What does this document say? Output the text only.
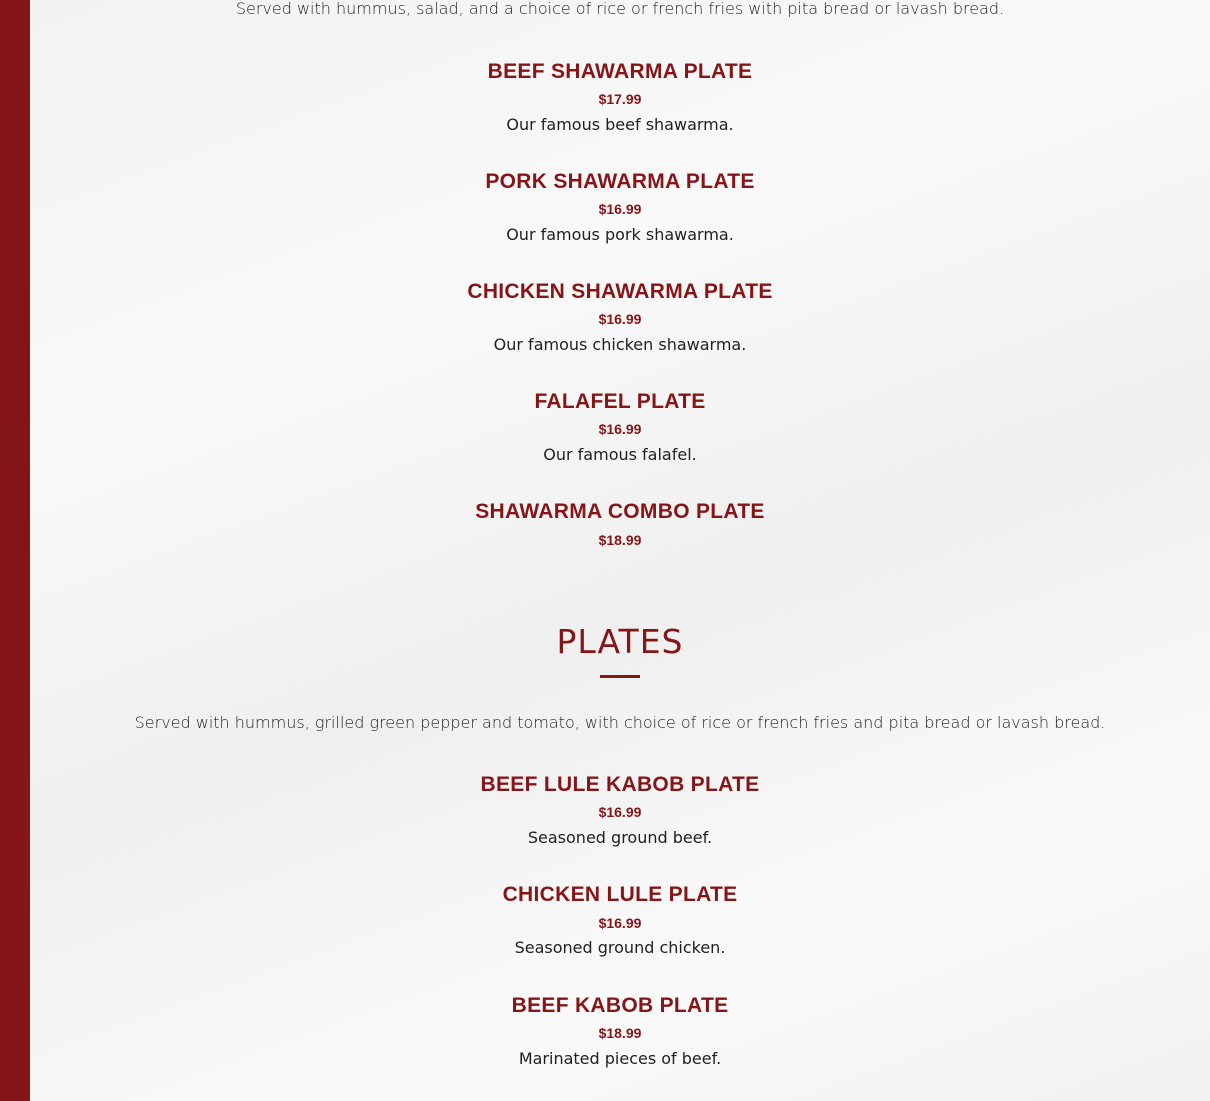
Served with hummus, salad, and a choice of rice or french fries with pita bread or lavash bread.
BEEF SHAWARMA PLATE
$17.99
Our famous beef shawarma.
PORK SHAWARMA PLATE
$16.99
Our famous pork shawarma.
CHICKEN SHAWARMA PLATE
$16.99
Our famous chicken shawarma.
FALAFEL PLATE
$16.99
Our famous falafel.
SHAWARMA COMBO PLATE
$18.99
PLATES
Served with hummus, grilled green pepper and tomato, with choice of rice or french fries and pita bread or lavash bread.
BEEF LULE KABOB PLATE
$16.99
Seasoned ground beef.
CHICKEN LULE PLATE
$16.99
Seasoned ground chicken.
BEEF KABOB PLATE
$18.99
Marinated pieces of beef.
